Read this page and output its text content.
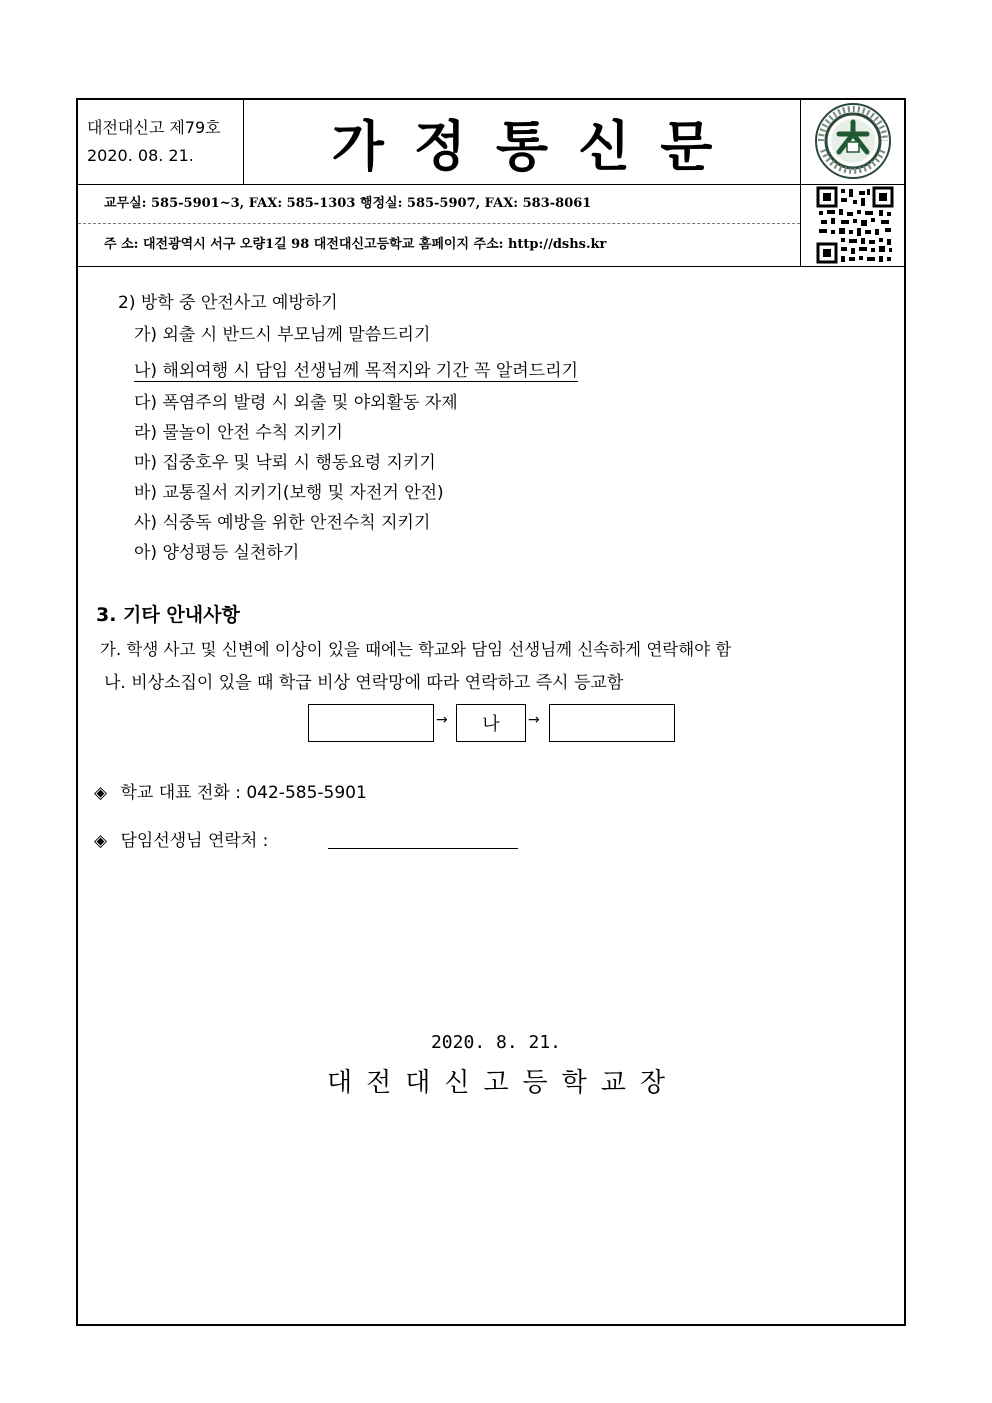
대전대신고 제79호
2020. 08. 21.	가정통신문
교무실: 585-5901~3, FAX: 585-1303 행정실: 585-5907, FAX: 583-8061
주 소: 대전광역시 서구 오량1길 98 대전대신고등학교 홈페이지 주소: http://dshs.kr
2) 방학 중 안전사고 예방하기
가) 외출 시 반드시 부모님께 말씀드리기
나) 해외여행 시 담임 선생님께 목적지와 기간 꼭 알려드리기
다) 폭염주의 발령 시 외출 및 야외활동 자제
라) 물놀이 안전 수칙 지키기
마) 집중호우 및 낙뢰 시 행동요령 지키기
바) 교통질서 지키기(보행 및 자전거 안전)
사) 식중독 예방을 위한 안전수칙 지키기
아) 양성평등 실천하기
3. 기타 안내사항
가. 학생 사고 및 신변에 이상이 있을 때에는 학교와 담임 선생님께 신속하게 연락해야 함
나. 비상소집이 있을 때 학급 비상 연락망에 따라 연락하고 즉시 등교함
→	나	→
◈ 학교 대표 전화 : 042-585-5901
◈ 담임선생님 연락처 :
2020. 8. 21.
대전대신고등학교장
